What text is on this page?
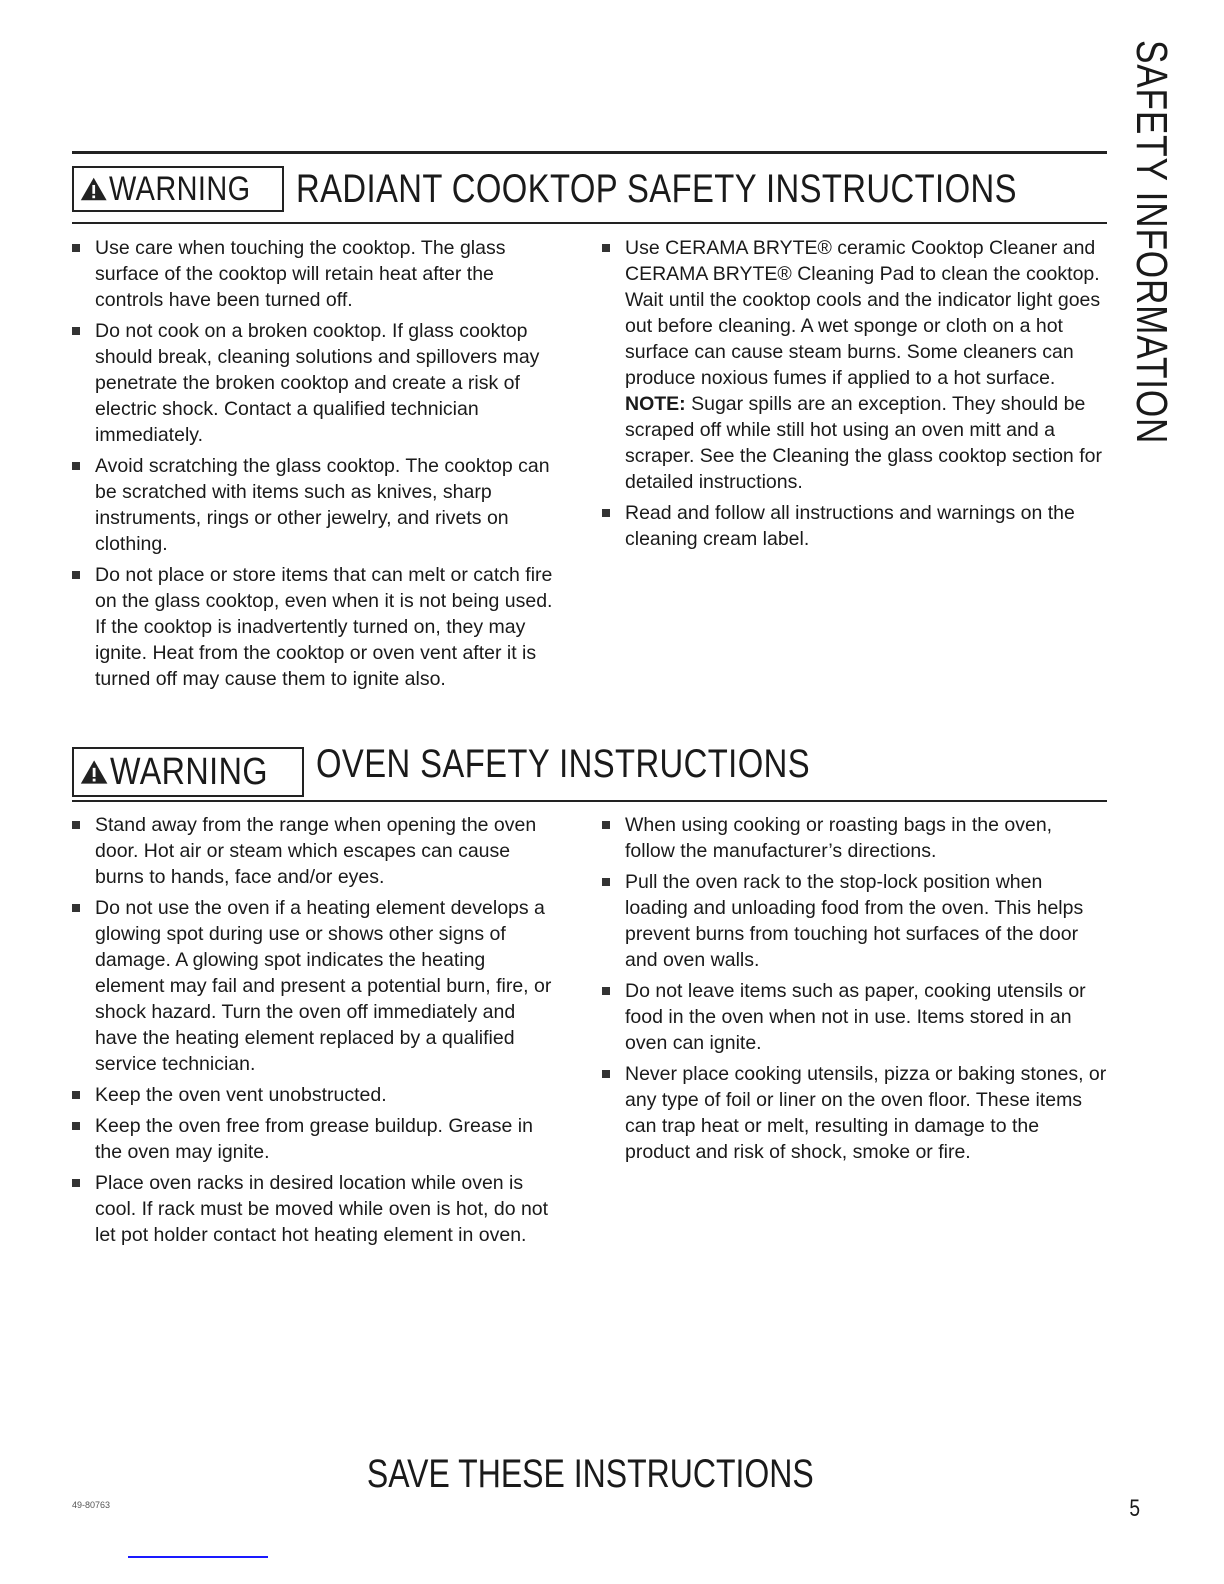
SAFETY INFORMATION
WARNING RADIANT COOKTOP SAFETY INSTRUCTIONS
Use care when touching the cooktop. The glass surface of the cooktop will retain heat after the controls have been turned off.
Do not cook on a broken cooktop. If glass cooktop should break, cleaning solutions and spillovers may penetrate the broken cooktop and create a risk of electric shock. Contact a qualified technician immediately.
Avoid scratching the glass cooktop. The cooktop can be scratched with items such as knives, sharp instruments, rings or other jewelry, and rivets on clothing.
Do not place or store items that can melt or catch fire on the glass cooktop, even when it is not being used. If the cooktop is inadvertently turned on, they may ignite. Heat from the cooktop or oven vent after it is turned off may cause them to ignite also.
Use CERAMA BRYTE® ceramic Cooktop Cleaner and CERAMA BRYTE® Cleaning Pad to clean the cooktop. Wait until the cooktop cools and the indicator light goes out before cleaning. A wet sponge or cloth on a hot surface can cause steam burns. Some cleaners can produce noxious fumes if applied to a hot surface.
NOTE: Sugar spills are an exception. They should be scraped off while still hot using an oven mitt and a scraper. See the Cleaning the glass cooktop section for detailed instructions.
Read and follow all instructions and warnings on the cleaning cream label.
WARNING OVEN SAFETY INSTRUCTIONS
Stand away from the range when opening the oven door. Hot air or steam which escapes can cause burns to hands, face and/or eyes.
Do not use the oven if a heating element develops a glowing spot during use or shows other signs of damage. A glowing spot indicates the heating element may fail and present a potential burn, fire, or shock hazard. Turn the oven off immediately and have the heating element replaced by a qualified service technician.
Keep the oven vent unobstructed.
Keep the oven free from grease buildup. Grease in the oven may ignite.
Place oven racks in desired location while oven is cool. If rack must be moved while oven is hot, do not let pot holder contact hot heating element in oven.
When using cooking or roasting bags in the oven, follow the manufacturer’s directions.
Pull the oven rack to the stop-lock position when loading and unloading food from the oven. This helps prevent burns from touching hot surfaces of the door and oven walls.
Do not leave items such as paper, cooking utensils or food in the oven when not in use. Items stored in an oven can ignite.
Never place cooking utensils, pizza or baking stones, or any type of foil or liner on the oven floor. These items can trap heat or melt, resulting in damage to the product and risk of shock, smoke or fire.
SAVE THESE INSTRUCTIONS
49-80763	5
